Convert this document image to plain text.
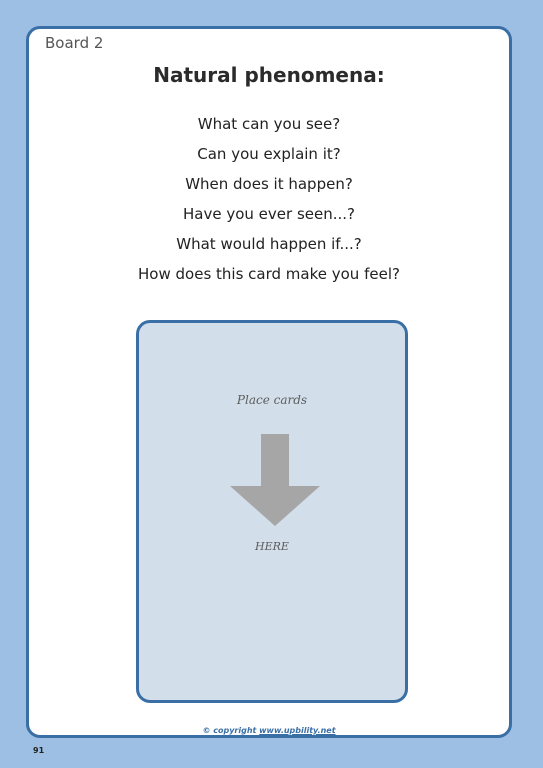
Board 2
Natural phenomena:
What can you see?
Can you explain it?
When does it happen?
Have you ever seen...?
What would happen if...?
How does this card make you feel?
Place cards
HERE
© copyright www.upbility.net
91
